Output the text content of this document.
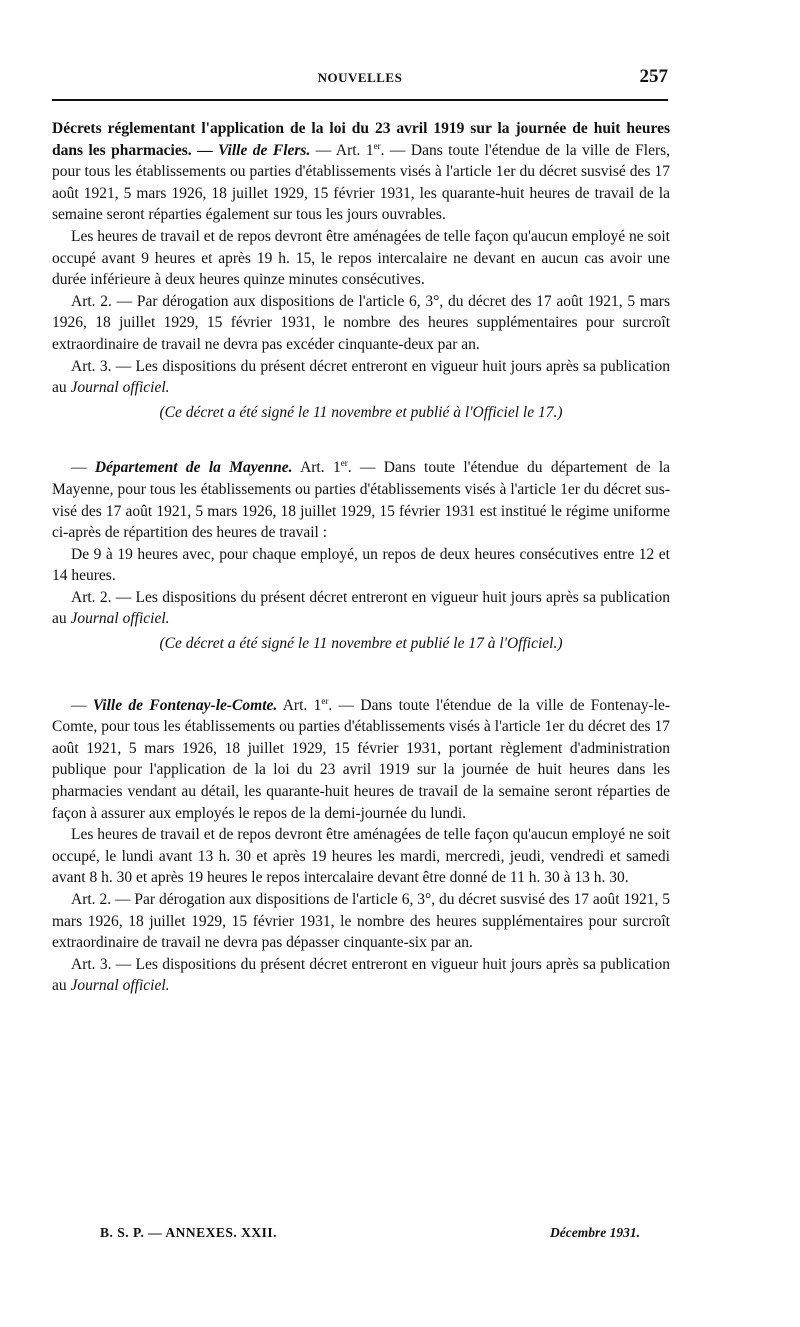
NOUVELLES	257

Décrets réglementant l'application de la loi du 23 avril 1919 sur la journée de huit heures dans les pharmacies. — Ville de Flers. — Art. 1er. — Dans toute l'étendue de la ville de Flers, pour tous les établissements ou parties d'établissements visés à l'article 1er du décret susvisé des 17 août 1921, 5 mars 1926, 18 juillet 1929, 15 février 1931, les quarante-huit heures de travail de la semaine seront réparties également sur tous les jours ouvrables.

Les heures de travail et de repos devront être aménagées de telle façon qu'aucun employé ne soit occupé avant 9 heures et après 19 h. 15, le repos intercalaire ne devant en aucun cas avoir une durée inférieure à deux heures quinze minutes consécutives.

Art. 2. — Par dérogation aux dispositions de l'article 6, 3°, du décret des 17 août 1921, 5 mars 1926, 18 juillet 1929, 15 février 1931, le nombre des heures supplémentaires pour surcroît extraordinaire de travail ne devra pas excéder cinquante-deux par an.

Art. 3. — Les dispositions du présent décret entreront en vigueur huit jours après sa publication au Journal officiel.

(Ce décret a été signé le 11 novembre et publié à l'Officiel le 17.)

— Département de la Mayenne. Art. 1er. — Dans toute l'étendue du département de la Mayenne, pour tous les établissements ou parties d'établissements visés à l'article 1er du décret sus-visé des 17 août 1921, 5 mars 1926, 18 juillet 1929, 15 février 1931 est institué le régime uniforme ci-après de répartition des heures de travail :

De 9 à 19 heures avec, pour chaque employé, un repos de deux heures consécutives entre 12 et 14 heures.

Art. 2. — Les dispositions du présent décret entreront en vigueur huit jours après sa publication au Journal officiel.

(Ce décret a été signé le 11 novembre et publié le 17 à l'Officiel.)

— Ville de Fontenay-le-Comte. Art. 1er. — Dans toute l'étendue de la ville de Fontenay-le-Comte, pour tous les établissements ou parties d'établissements visés à l'article 1er du décret des 17 août 1921, 5 mars 1926, 18 juillet 1929, 15 février 1931, portant règlement d'administration publique pour l'application de la loi du 23 avril 1919 sur la journée de huit heures dans les pharmacies vendant au détail, les quarante-huit heures de travail de la semaine seront réparties de façon à assurer aux employés le repos de la demi-journée du lundi.

Les heures de travail et de repos devront être aménagées de telle façon qu'aucun employé ne soit occupé, le lundi avant 13 h. 30 et après 19 heures les mardi, mercredi, jeudi, vendredi et samedi avant 8 h. 30 et après 19 heures le repos intercalaire devant être donné de 11 h. 30 à 13 h. 30.

Art. 2. — Par dérogation aux dispositions de l'article 6, 3°, du décret susvisé des 17 août 1921, 5 mars 1926, 18 juillet 1929, 15 février 1931, le nombre des heures supplémentaires pour surcroît extraordinaire de travail ne devra pas dépasser cinquante-six par an.

Art. 3. — Les dispositions du présent décret entreront en vigueur huit jours après sa publication au Journal officiel.

B. S. P. — ANNEXES. XXII.	Décembre 1931.
